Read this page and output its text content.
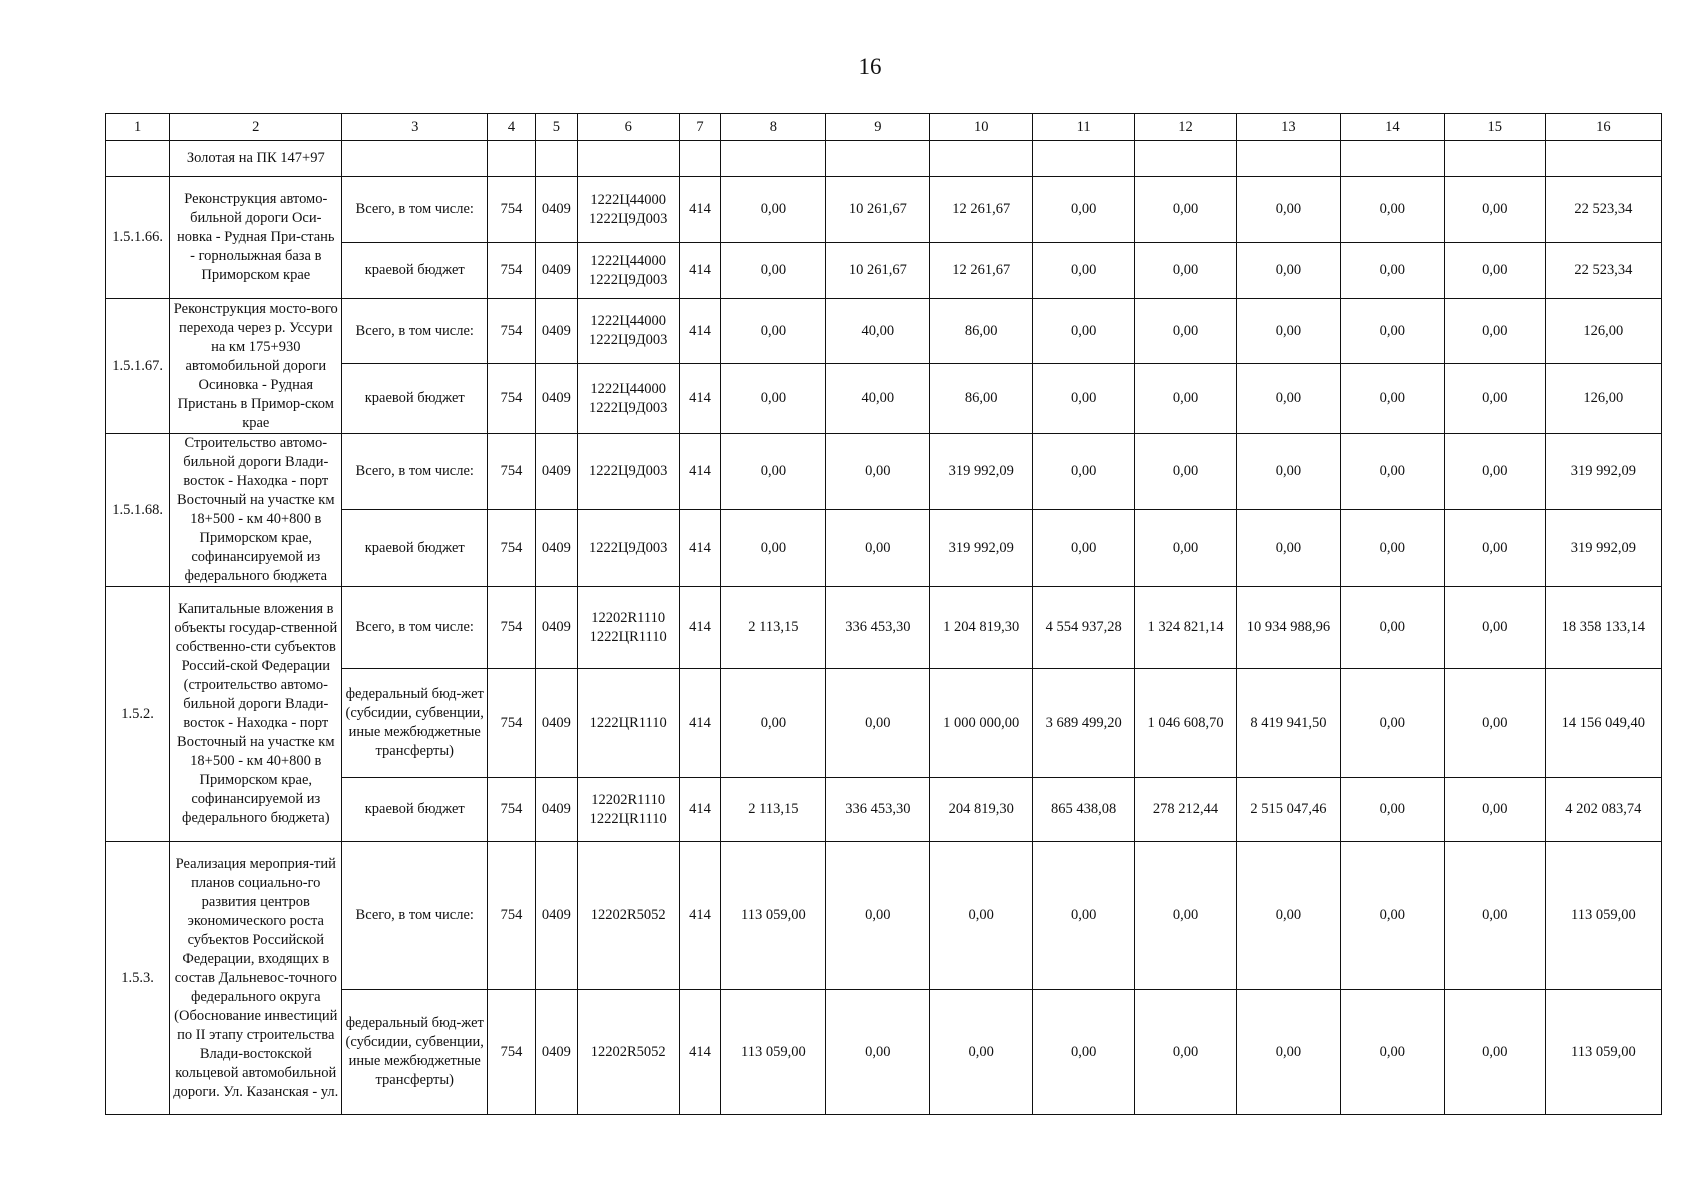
16
1	2	3	4	5	6	7	8	9	10	11	12	13	14	15	16
	Золотая на ПК 147+97														
1.5.1.66.	Реконструкция автомо-бильной дороги Оси-новка - Рудная При-стань - горнолыжная база в Приморском крае	Всего, в том числе:	754	0409	1222Ц44000 1222Ц9Д003	414	0,00	10 261,67	12 261,67	0,00	0,00	0,00	0,00	0,00	22 523,34
		краевой бюджет	754	0409	1222Ц44000 1222Ц9Д003	414	0,00	10 261,67	12 261,67	0,00	0,00	0,00	0,00	0,00	22 523,34
1.5.1.67.	Реконструкция мосто-вого перехода через р. Уссури на км 175+930 автомобильной дороги Осиновка - Рудная Пристань в Примор-ском крае	Всего, в том числе:	754	0409	1222Ц44000 1222Ц9Д003	414	0,00	40,00	86,00	0,00	0,00	0,00	0,00	0,00	126,00
		краевой бюджет	754	0409	1222Ц44000 1222Ц9Д003	414	0,00	40,00	86,00	0,00	0,00	0,00	0,00	0,00	126,00
1.5.1.68.	Строительство автомо-бильной дороги Влади-восток - Находка - порт Восточный на участке км 18+500 - км 40+800 в Приморском крае, софинансируемой из федерального бюджета	Всего, в том числе:	754	0409	1222Ц9Д003	414	0,00	0,00	319 992,09	0,00	0,00	0,00	0,00	0,00	319 992,09
		краевой бюджет	754	0409	1222Ц9Д003	414	0,00	0,00	319 992,09	0,00	0,00	0,00	0,00	0,00	319 992,09
1.5.2.	Капитальные вложения в объекты государ-ственной собственно-сти субъектов Россий-ской Федерации (строительство автомо-бильной дороги Влади-восток - Находка - порт Восточный на участке км 18+500 - км 40+800 в Приморском крае, софинансируемой из федерального бюджета)	Всего, в том числе:	754	0409	12202R1110 1222ЦR1110	414	2 113,15	336 453,30	1 204 819,30	4 554 937,28	1 324 821,14	10 934 988,96	0,00	0,00	18 358 133,14
		федеральный бюд-жет (субсидии, субвенции, иные межбюджетные трансферты)	754	0409	1222ЦR1110	414	0,00	0,00	1 000 000,00	3 689 499,20	1 046 608,70	8 419 941,50	0,00	0,00	14 156 049,40
		краевой бюджет	754	0409	12202R1110 1222ЦR1110	414	2 113,15	336 453,30	204 819,30	865 438,08	278 212,44	2 515 047,46	0,00	0,00	4 202 083,74
1.5.3.	Реализация мероприя-тий планов социально-го развития центров экономического роста субъектов Российской Федерации, входящих в состав Дальневос-точного федерального округа (Обоснование инвестиций по II этапу строительства Влади-востокской кольцевой автомобильной дороги. Ул. Казанская - ул.	Всего, в том числе:	754	0409	12202R5052	414	113 059,00	0,00	0,00	0,00	0,00	0,00	0,00	0,00	113 059,00
		федеральный бюд-жет (субсидии, субвенции, иные межбюджетные трансферты)	754	0409	12202R5052	414	113 059,00	0,00	0,00	0,00	0,00	0,00	0,00	0,00	113 059,00
